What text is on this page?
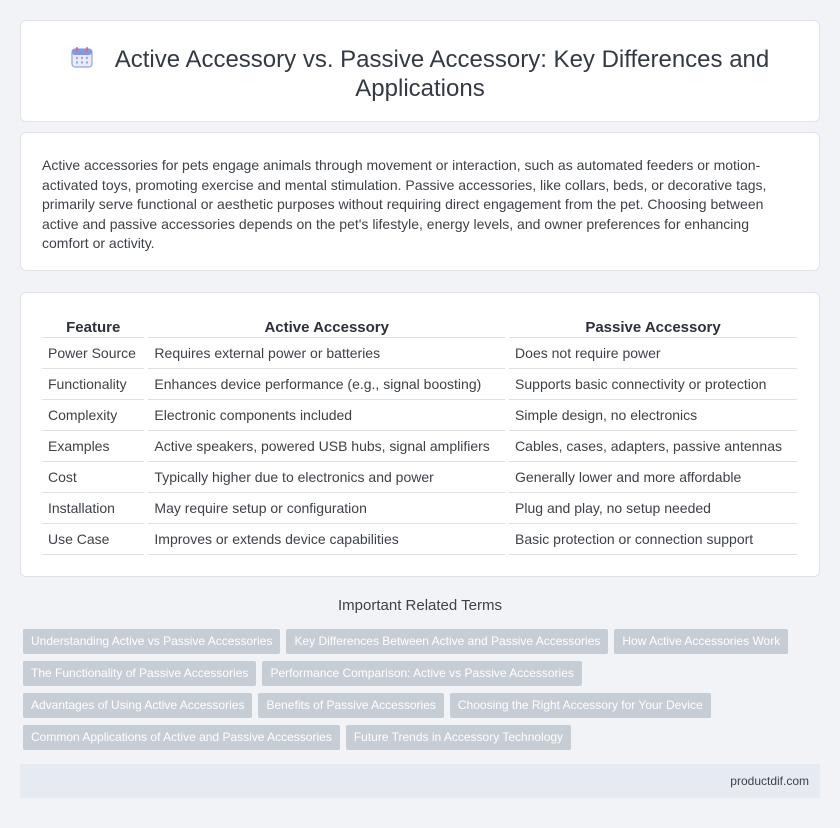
Active Accessory vs. Passive Accessory: Key Differences and
Applications

Active accessories for pets engage animals through movement or interaction, such as automated feeders or motion-activated toys, promoting exercise and mental stimulation. Passive accessories, like collars, beds, or decorative tags, primarily serve functional or aesthetic purposes without requiring direct engagement from the pet. Choosing between active and passive accessories depends on the pet's lifestyle, energy levels, and owner preferences for enhancing comfort or activity.

Feature	Active Accessory	Passive Accessory
Power Source	Requires external power or batteries	Does not require power
Functionality	Enhances device performance (e.g., signal boosting)	Supports basic connectivity or protection
Complexity	Electronic components included	Simple design, no electronics
Examples	Active speakers, powered USB hubs, signal amplifiers	Cables, cases, adapters, passive antennas
Cost	Typically higher due to electronics and power	Generally lower and more affordable
Installation	May require setup or configuration	Plug and play, no setup needed
Use Case	Improves or extends device capabilities	Basic protection or connection support
Important Related Terms
Understanding Active vs Passive Accessories Key Differences Between Active and Passive Accessories How Active Accessories Work
The Functionality of Passive Accessories Performance Comparison: Active vs Passive Accessories
Advantages of Using Active Accessories Benefits of Passive Accessories Choosing the Right Accessory for Your Device
Common Applications of Active and Passive Accessories Future Trends in Accessory Technology
productdif.com
